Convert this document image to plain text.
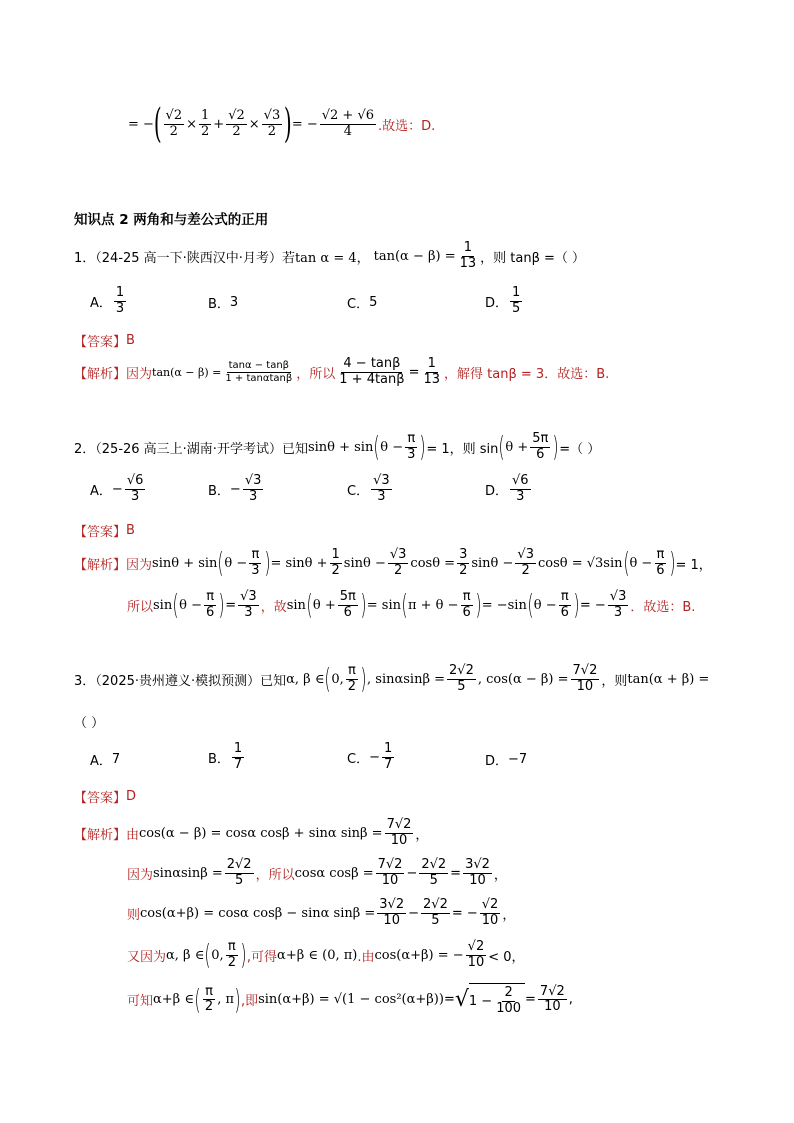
= − ( $\frac{√2}{2} \times \frac{1}{2} + \frac{√2}{2} \times \frac{√3}{2}$ ) = − $\frac{√2 + √6}{4}$ .故选：D.
知识点 2 两角和与差公式的正用
1．（24-25 高一下·陕西汉中·月考）若 tan α = 4， $\tan(\alpha - \beta) = \frac{1}{13}$ ，则 tanβ =（ ）
A． $\frac{1}{3}$	B． 3	C． 5	D． $\frac{1}{5}$
【答案】 B
【解析】 因为 $\tan(\alpha - \beta) = \frac{\tan\alpha - \tan\beta}{1 + \tan\alpha\tan\beta}$ ，所以 $\frac{4 - \tan\beta}{1 + 4\tan\beta} = \frac{1}{13}$ ，解得 tanβ = 3．故选：B.
2．（25-26 高三上·湖南·开学考试）已知 sinθ + sin ( $\theta - \frac{\pi}{3}$ ) = 1，则 sin ( $\theta + \frac{5\pi}{6}$ ) =（ ）
A． − $\frac{√6}{3}$	B． − $\frac{√3}{3}$	C． $\frac{√3}{3}$	D． $\frac{√6}{3}$
【答案】 B
【解析】 因为 sinθ + sin ( $\theta - \frac{\pi}{3}$ ) = $\sin\theta + \frac{1}{2}$ $\sin\theta - \frac{√3}{2}$ $\cos\theta = \frac{3}{2}$ $\sin\theta - \frac{√3}{2}$ cosθ = √3sin ( $\theta - \frac{\pi}{6}$ ) = 1，
所以 sin ( $\theta - \frac{\pi}{6}$ ) = $\frac{√3}{3}$ ，故 sin ( $\theta + \frac{5\pi}{6}$ ) = sin ( $\pi + \theta - \frac{\pi}{6}$ ) = −sin ( $\theta - \frac{\pi}{6}$ ) = − $\frac{√3}{3}$ ．故选：B.
3．（2025·贵州遵义·模拟预测）已知 α, β ∈ ( 0, $\frac{\pi}{2}$ ) , $\sin\alpha\sin\beta = \frac{2√2}{5}$ , $\cos(\alpha - \beta) = \frac{7√2}{10}$ ，则 tan(α + β) =
（ ）
A． 7	B． $\frac{1}{7}$	C． − $\frac{1}{7}$	D． −7
【答案】 D
【解析】 由 cos(α − β) = cosα cosβ + sinα $\sin\beta = \frac{7√2}{10}$ ，
因为 $\sin\alpha\sin\beta = \frac{2√2}{5}$ ，所以 cosα $\cos\beta = \frac{7√2}{10} - \frac{2√2}{5} = \frac{3√2}{10}$ ，
则 cos(α+β) = cosα cosβ − sinα $\sin\beta = \frac{3√2}{10} - \frac{2√2}{5}$ = − $\frac{√2}{10}$ ，
又因为 α, β ∈ ( 0, $\frac{\pi}{2}$ ) ,可得 α+β ∈ (0, π) .由 cos(α+β) = − $\frac{√2}{10} < 0$，
可知 α+β ∈ ( $\frac{\pi}{2}$ , π ) ,即 sin(α+β) = √(1 − cos²(α+β)) = √ $1 - \frac{2}{100} = \frac{7√2}{10}$ ,
